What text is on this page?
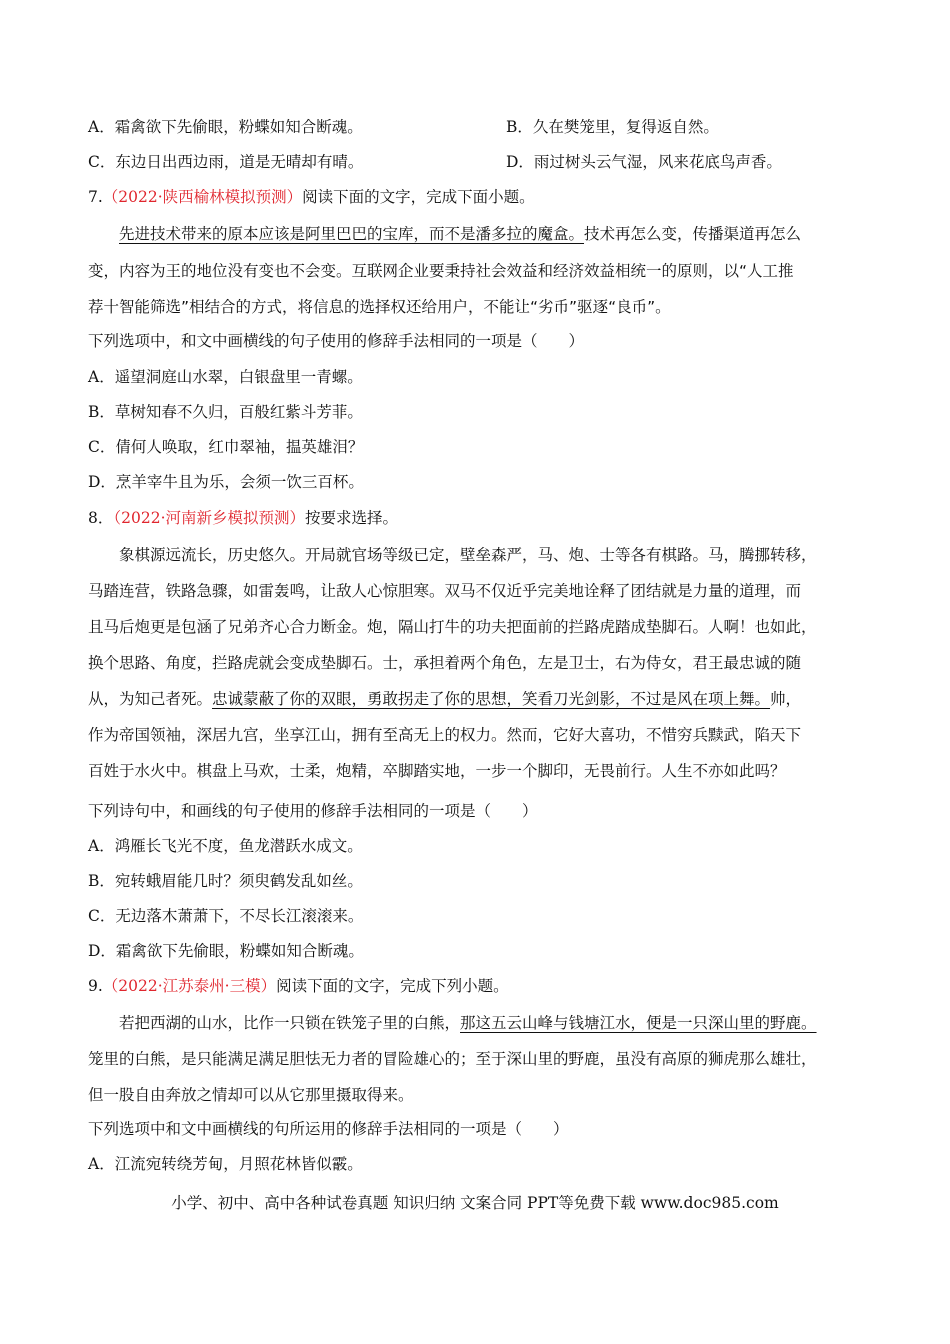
A．霜禽欲下先偷眼，粉蝶如知合断魂。	B．久在樊笼里，复得返自然。
C．东边日出西边雨，道是无晴却有晴。	D．雨过树头云气湿，风来花底鸟声香。
7.（2022·陕西榆林模拟预测）阅读下面的文字，完成下面小题。
先进技术带来的原本应该是阿里巴巴的宝库，而不是潘多拉的魔盒。技术再怎么变，传播渠道再怎么
变，内容为王的地位没有变也不会变。互联网企业要秉持社会效益和经济效益相统一的原则，以“人工推
荐十智能筛选”相结合的方式，将信息的选择权还给用户，不能让“劣币”驱逐“良币”。
下列选项中，和文中画横线的句子使用的修辞手法相同的一项是（　　）
A．遥望洞庭山水翠，白银盘里一青螺。
B．草树知春不久归，百般红紫斗芳菲。
C．倩何人唤取，红巾翠袖，揾英雄泪？
D．烹羊宰牛且为乐，会须一饮三百杯。
8．（2022·河南新乡模拟预测）按要求选择。
象棋源远流长，历史悠久。开局就官场等级已定，壁垒森严，马、炮、士等各有棋路。马，腾挪转移，
马踏连营，铁路急骤，如雷轰鸣，让敌人心惊胆寒。双马不仅近乎完美地诠释了团结就是力量的道理，而
且马后炮更是包涵了兄弟齐心合力断金。炮，隔山打牛的功夫把面前的拦路虎踏成垫脚石。人啊！也如此，
换个思路、角度，拦路虎就会变成垫脚石。士，承担着两个角色，左是卫士，右为侍女，君王最忠诚的随
从，为知己者死。忠诚蒙蔽了你的双眼，勇敢拐走了你的思想，笑看刀光剑影，不过是风在项上舞。帅，
作为帝国领袖，深居九宫，坐享江山，拥有至高无上的权力。然而，它好大喜功，不惜穷兵黩武，陷天下
百姓于水火中。棋盘上马欢，士柔，炮精，卒脚踏实地，一步一个脚印，无畏前行。人生不亦如此吗？
下列诗句中，和画线的句子使用的修辞手法相同的一项是（　　）
A．鸿雁长飞光不度，鱼龙潜跃水成文。
B．宛转蛾眉能几时？须臾鹤发乱如丝。
C．无边落木萧萧下，不尽长江滚滚来。
D．霜禽欲下先偷眼，粉蝶如知合断魂。
9.（2022·江苏泰州·三模）阅读下面的文字，完成下列小题。
若把西湖的山水，比作一只锁在铁笼子里的白熊，那这五云山峰与钱塘江水，便是一只深山里的野鹿。
笼里的白熊，是只能满足满足胆怯无力者的冒险雄心的；至于深山里的野鹿，虽没有高原的狮虎那么雄壮，
但一股自由奔放之情却可以从它那里摄取得来。
下列选项中和文中画横线的句所运用的修辞手法相同的一项是（　　）
A．江流宛转绕芳甸，月照花林皆似霰。
小学、初中、高中各种试卷真题 知识归纳 文案合同 PPT等免费下载 www.doc985.com
